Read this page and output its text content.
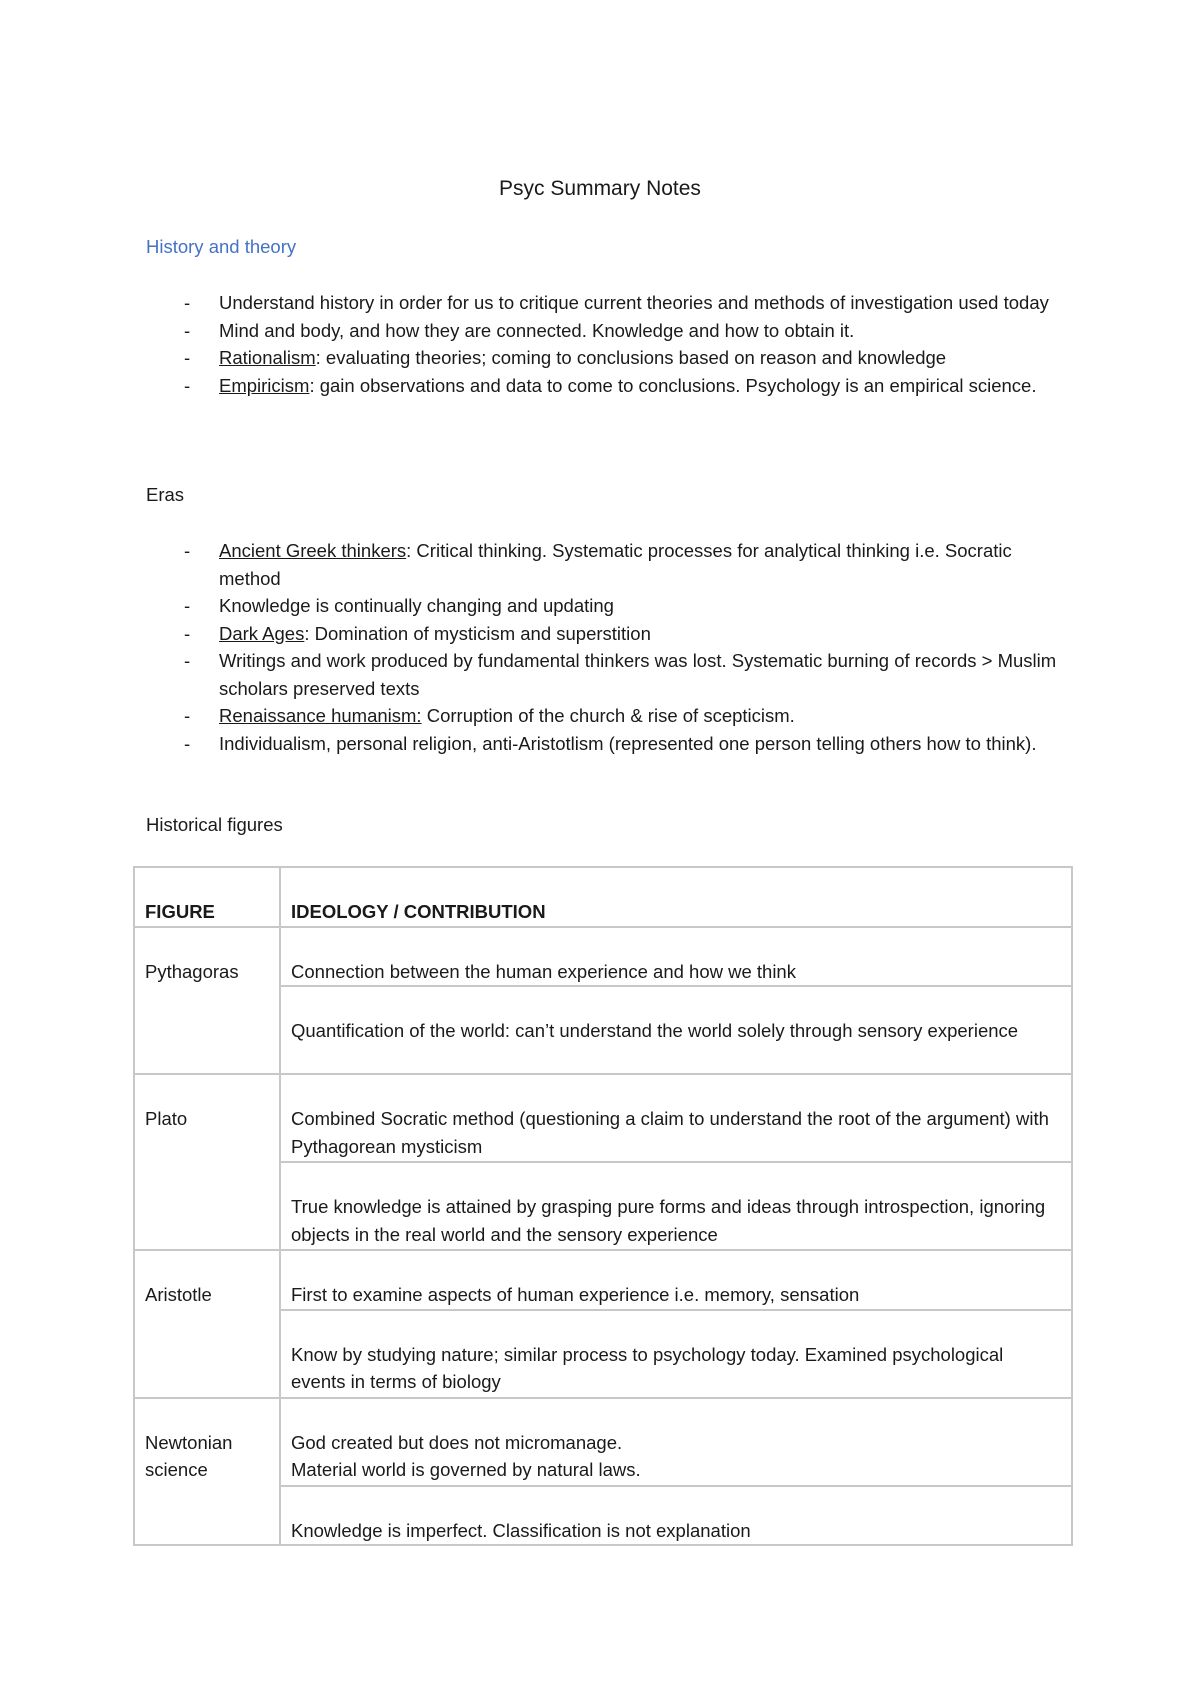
Psyc Summary Notes
History and theory
- Understand history in order for us to critique current theories and methods of investigation used today
- Mind and body, and how they are connected. Knowledge and how to obtain it.
- Rationalism: evaluating theories; coming to conclusions based on reason and knowledge
- Empiricism: gain observations and data to come to conclusions. Psychology is an empirical science.
Eras
- Ancient Greek thinkers: Critical thinking. Systematic processes for analytical thinking i.e. Socratic method
- Knowledge is continually changing and updating
- Dark Ages: Domination of mysticism and superstition
- Writings and work produced by fundamental thinkers was lost. Systematic burning of records > Muslim scholars preserved texts
- Renaissance humanism: Corruption of the church & rise of scepticism.
- Individualism, personal religion, anti-Aristotlism (represented one person telling others how to think).
Historical figures
FIGURE	IDEOLOGY / CONTRIBUTION
Pythagoras	Connection between the human experience and how we think
	Quantification of the world: can’t understand the world solely through sensory experience
Plato	Combined Socratic method (questioning a claim to understand the root of the argument) with Pythagorean mysticism
	True knowledge is attained by grasping pure forms and ideas through introspection, ignoring objects in the real world and the sensory experience
Aristotle	First to examine aspects of human experience i.e. memory, sensation
	Know by studying nature; similar process to psychology today. Examined psychological events in terms of biology
Newtonian science	God created but does not micromanage.
Material world is governed by natural laws.

	Knowledge is imperfect. Classification is not explanation
